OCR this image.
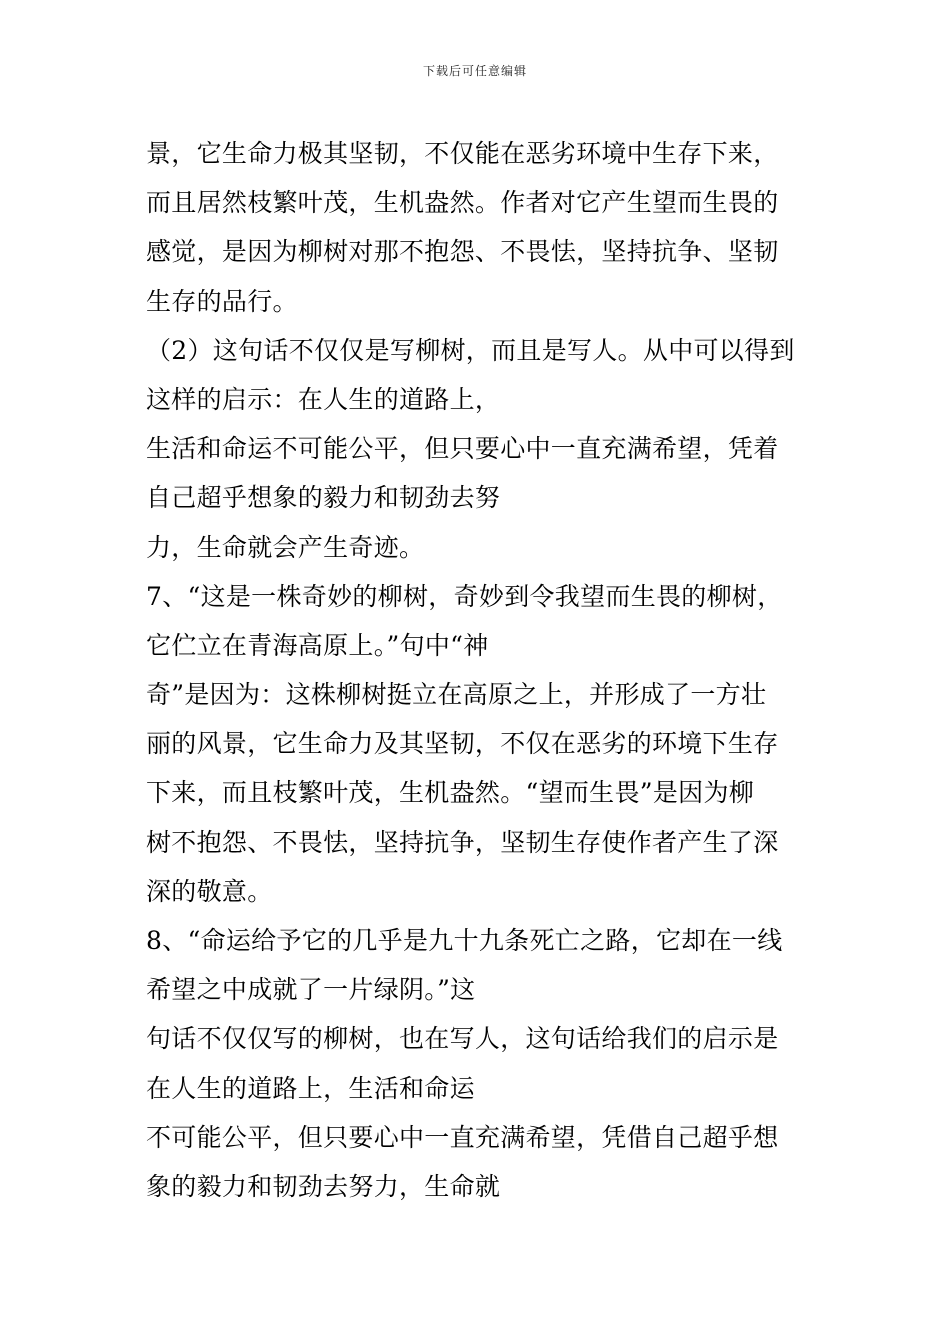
下载后可任意编辑
景，它生命力极其坚韧，不仅能在恶劣环境中生存下来，
而且居然枝繁叶茂，生机盎然。作者对它产生望而生畏的
感觉，是因为柳树对那不抱怨、不畏怯，坚持抗争、坚韧
生存的品行。
（2）这句话不仅仅是写柳树，而且是写人。从中可以得到
这样的启示：在人生的道路上，
生活和命运不可能公平，但只要心中一直充满希望，凭着
自己超乎想象的毅力和韧劲去努
力，生命就会产生奇迹。
7、“这是一株奇妙的柳树，奇妙到令我望而生畏的柳树，
它伫立在青海高原上。”句中“神
奇”是因为：这株柳树挺立在高原之上，并形成了一方壮
丽的风景，它生命力及其坚韧，不仅在恶劣的环境下生存
下来，而且枝繁叶茂，生机盎然。“望而生畏”是因为柳
树不抱怨、不畏怯，坚持抗争，坚韧生存使作者产生了深
深的敬意。
8、“命运给予它的几乎是九十九条死亡之路，它却在一线
希望之中成就了一片绿阴。”这
句话不仅仅写的柳树，也在写人，这句话给我们的启示是
在人生的道路上，生活和命运
不可能公平，但只要心中一直充满希望，凭借自己超乎想
象的毅力和韧劲去努力，生命就
